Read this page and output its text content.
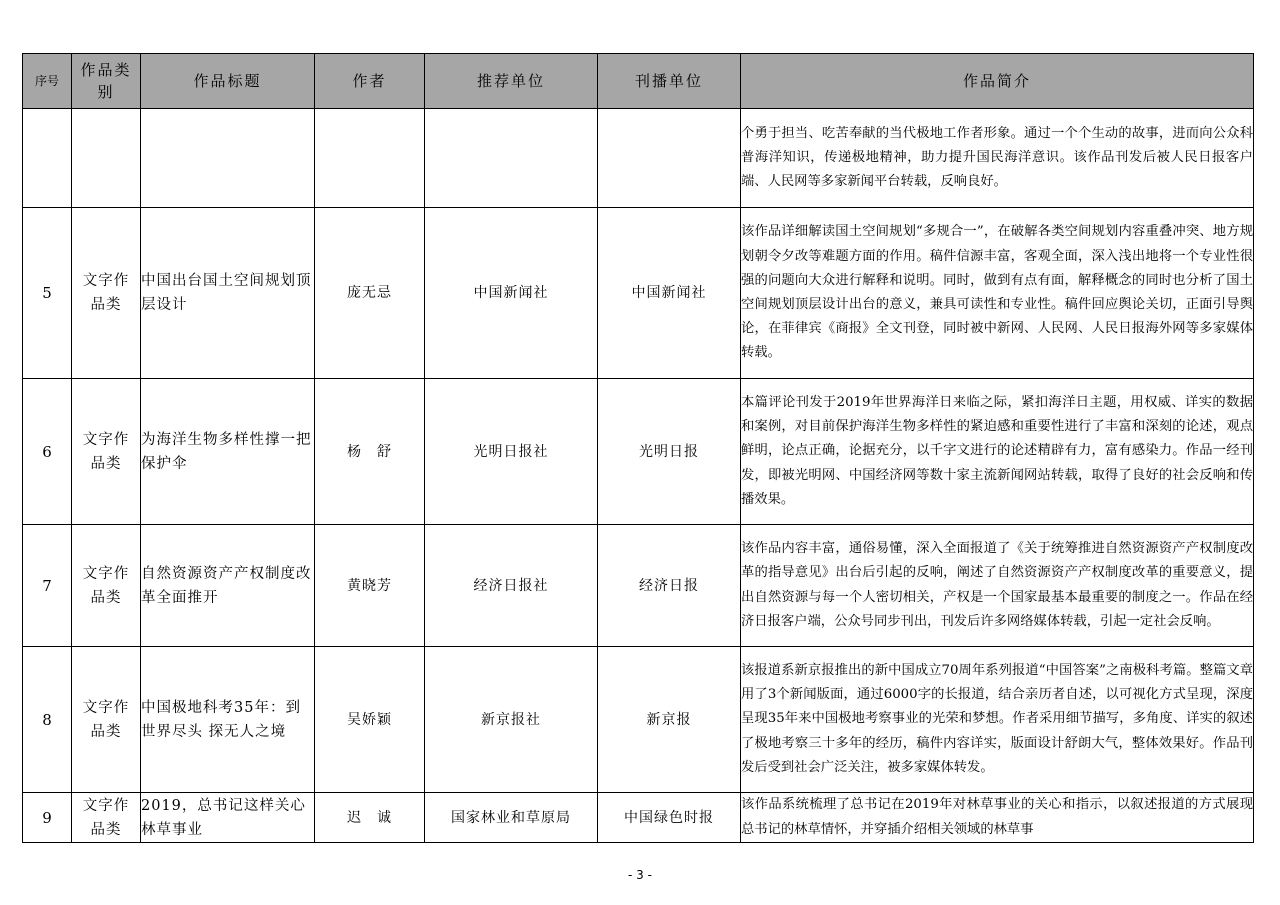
序号	作品类别	作品标题	作者	推荐单位	刊播单位	作品简介
						个勇于担当、吃苦奉献的当代极地工作者形象。通过一个个生动的故事，进而向公众科普海洋知识，传递极地精神，助力提升国民海洋意识。该作品刊发后被人民日报客户端、人民网等多家新闻平台转载，反响良好。
5	文字作品类	中国出台国土空间规划顶层设计	庞无忌	中国新闻社	中国新闻社	该作品详细解读国土空间规划“多规合一”，在破解各类空间规划内容重叠冲突、地方规划朝令夕改等难题方面的作用。稿件信源丰富，客观全面，深入浅出地将一个专业性很强的问题向大众进行解释和说明。同时，做到有点有面，解释概念的同时也分析了国土空间规划顶层设计出台的意义，兼具可读性和专业性。稿件回应舆论关切，正面引导舆论，在菲律宾《商报》全文刊登，同时被中新网、人民网、人民日报海外网等多家媒体转载。
6	文字作品类	为海洋生物多样性撑一把保护伞	杨　舒	光明日报社	光明日报	本篇评论刊发于2019年世界海洋日来临之际，紧扣海洋日主题，用权威、详实的数据和案例，对目前保护海洋生物多样性的紧迫感和重要性进行了丰富和深刻的论述，观点鲜明，论点正确，论据充分，以千字文进行的论述精辟有力，富有感染力。作品一经刊发，即被光明网、中国经济网等数十家主流新闻网站转载，取得了良好的社会反响和传播效果。
7	文字作品类	自然资源资产产权制度改革全面推开	黄晓芳	经济日报社	经济日报	该作品内容丰富，通俗易懂，深入全面报道了《关于统筹推进自然资源资产产权制度改革的指导意见》出台后引起的反响，阐述了自然资源资产产权制度改革的重要意义，提出自然资源与每一个人密切相关，产权是一个国家最基本最重要的制度之一。作品在经济日报客户端，公众号同步刊出，刊发后许多网络媒体转载，引起一定社会反响。
8	文字作品类	中国极地科考35年：到世界尽头 探无人之境	吴娇颖	新京报社	新京报	该报道系新京报推出的新中国成立70周年系列报道“中国答案”之南极科考篇。整篇文章用了3个新闻版面，通过6000字的长报道，结合亲历者自述，以可视化方式呈现，深度呈现35年来中国极地考察事业的光荣和梦想。作者采用细节描写，多角度、详实的叙述了极地考察三十多年的经历，稿件内容详实，版面设计舒朗大气，整体效果好。作品刊发后受到社会广泛关注，被多家媒体转发。
9	文字作品类	2019，总书记这样关心林草事业	迟　诚	国家林业和草原局	中国绿色时报	该作品系统梳理了总书记在2019年对林草事业的关心和指示，以叙述报道的方式展现总书记的林草情怀，并穿插介绍相关领域的林草事
- 3 -
